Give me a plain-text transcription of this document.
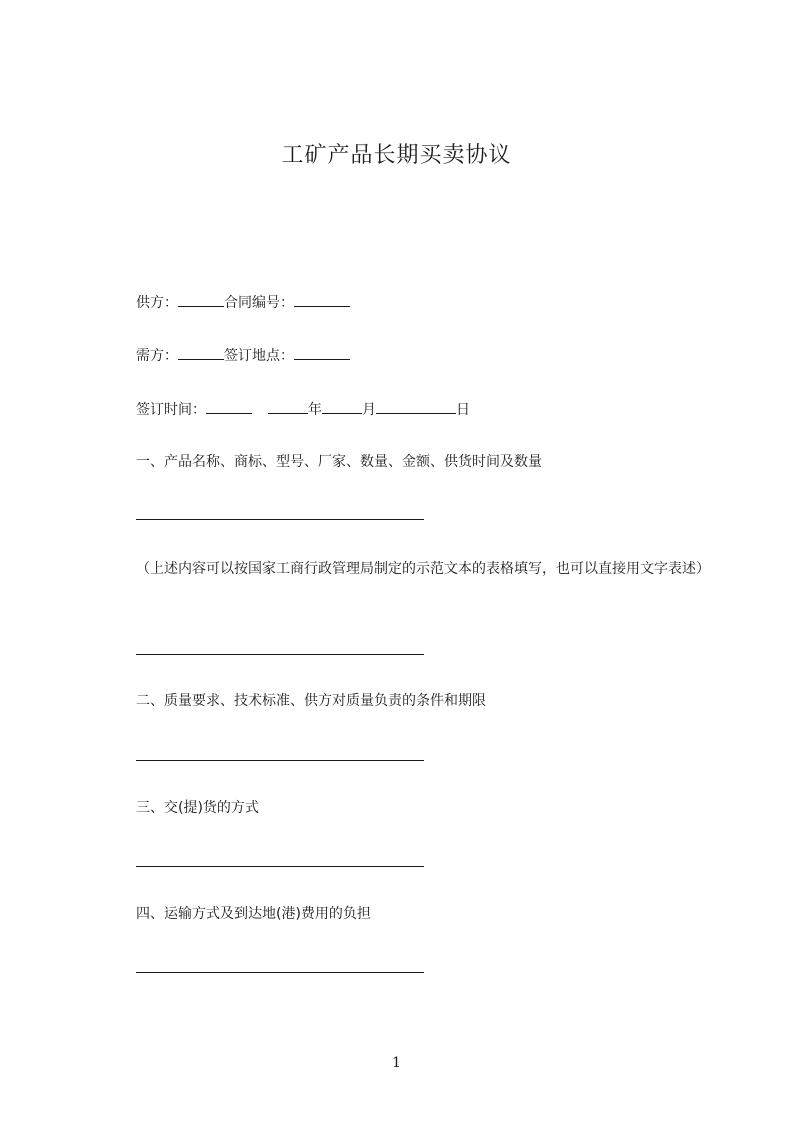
工矿产品长期买卖协议
供方：	合同编号：
需方：	签订地点：
签订时间：	年	月	日
一、产品名称、商标、型号、厂家、数量、金额、供货时间及数量
（上述内容可以按国家工商行政管理局制定的示范文本的表格填写，也可以直接用文字表述）
二、质量要求、技术标准、供方对质量负责的条件和期限
三、交(提)货的方式
四、运输方式及到达地(港)费用的负担
1
